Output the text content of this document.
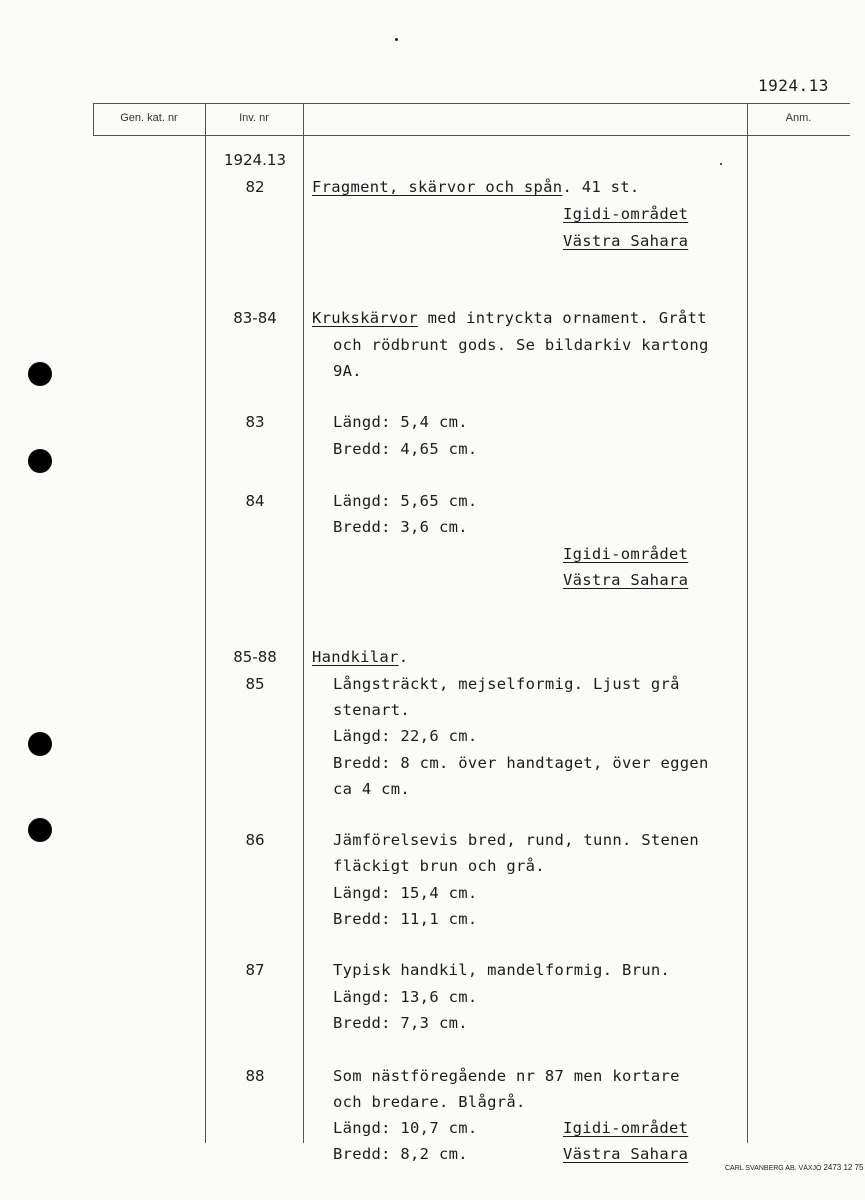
1924.13
Gen. kat. nr	Inv. nr	Anm.
1924.13
82
83-84
83
84
85-88
85
86
87
88
Fragment, skärvor och spån. 41 st.
Igidi-området
Västra Sahara
Krukskärvor med intryckta ornament. Grått
och rödbrunt gods. Se bildarkiv kartong
9A.
Längd: 5,4 cm.
Bredd: 4,65 cm.
Längd: 5,65 cm.
Bredd: 3,6 cm.
Igidi-området
Västra Sahara
Handkilar.
Långsträckt, mejselformig. Ljust grå
stenart.
Längd: 22,6 cm.
Bredd: 8 cm. över handtaget, över eggen
ca 4 cm.
Jämförelsevis bred, rund, tunn. Stenen
fläckigt brun och grå.
Längd: 15,4 cm.
Bredd: 11,1 cm.
Typisk handkil, mandelformig. Brun.
Längd: 13,6 cm.
Bredd: 7,3 cm.
Som nästföregående nr 87 men kortare
och bredare. Blågrå.
Längd: 10,7 cm.
Bredd: 8,2 cm.
Igidi-området
Västra Sahara
CARL SVANBERG AB. VÄXJÖ 2473 12 75
